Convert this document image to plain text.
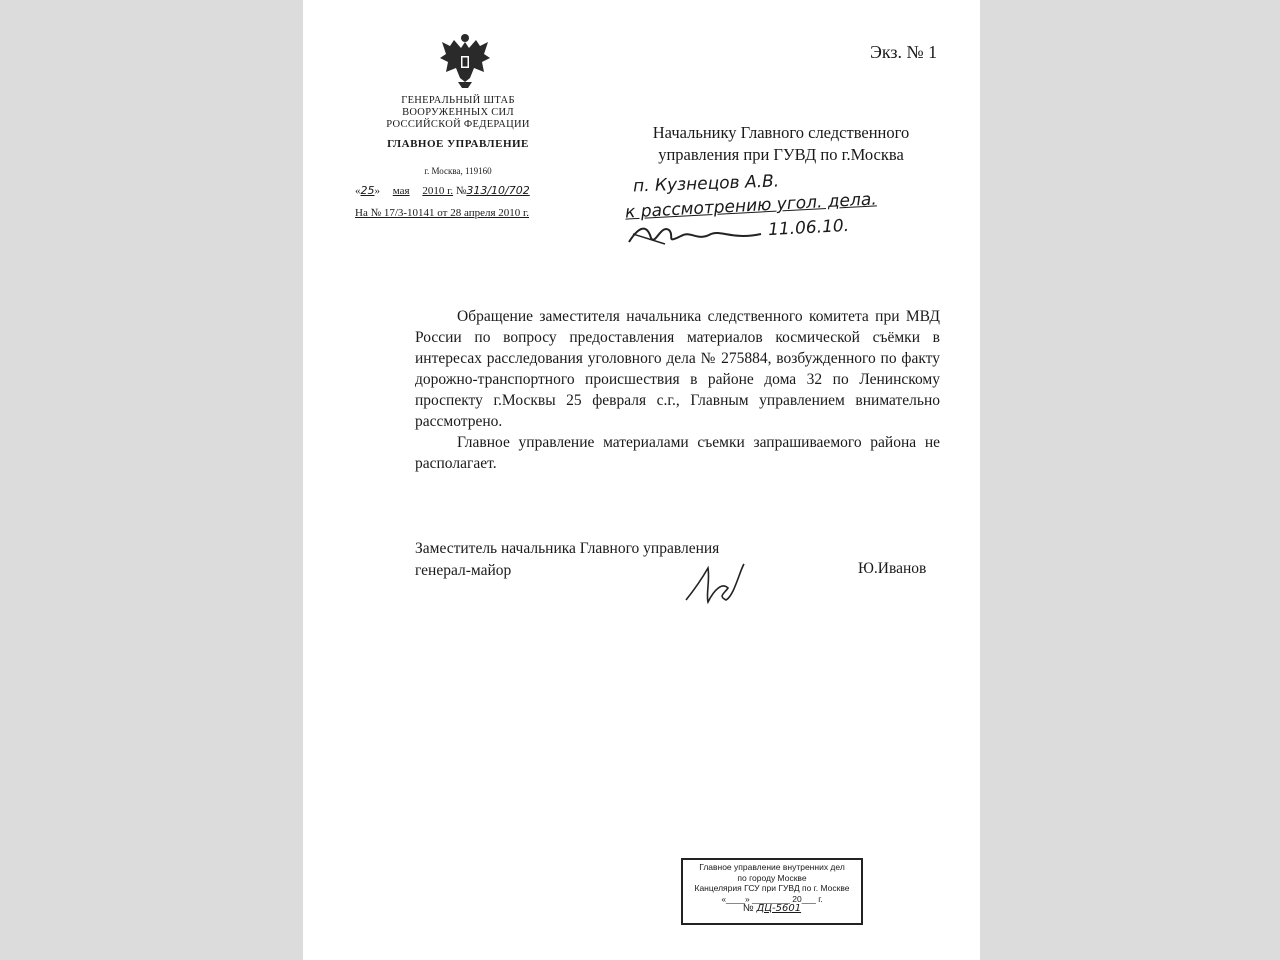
Экз. № 1
ГЕНЕРАЛЬНЫЙ ШТАБ
ВООРУЖЕННЫХ СИЛ
РОССИЙСКОЙ ФЕДЕРАЦИИ
ГЛАВНОЕ УПРАВЛЕНИЕ
г. Москва, 119160
«25» мая 2010 г. №313/10/702
На № 17/3-10141 от 28 апреля 2010 г.
Начальнику Главного следственного
управления при ГУВД по г.Москва
п. Кузнецов А.В.
к рассмотрению угол. дела.
11.06.10.

Обращение заместителя начальника следственного комитета при МВД России по вопросу предоставления материалов космической съёмки в интересах расследования уголовного дела № 275884, возбужденного по факту дорожно-транспортного происшествия в районе дома 32 по Ленинскому проспекту г.Москвы 25 февраля с.г., Главным управлением внимательно рассмотрено.

Главное управление материалами съемки запрашиваемого района не располагает.

Заместитель начальника Главного управления
генерал-майор	Ю.Иванов
Главное управление внутренних дел
по городу Москве
Канцелярия ГСУ при ГУВД по г. Москве
«____» ________ 20___ г.
№ ДЦ-5601
